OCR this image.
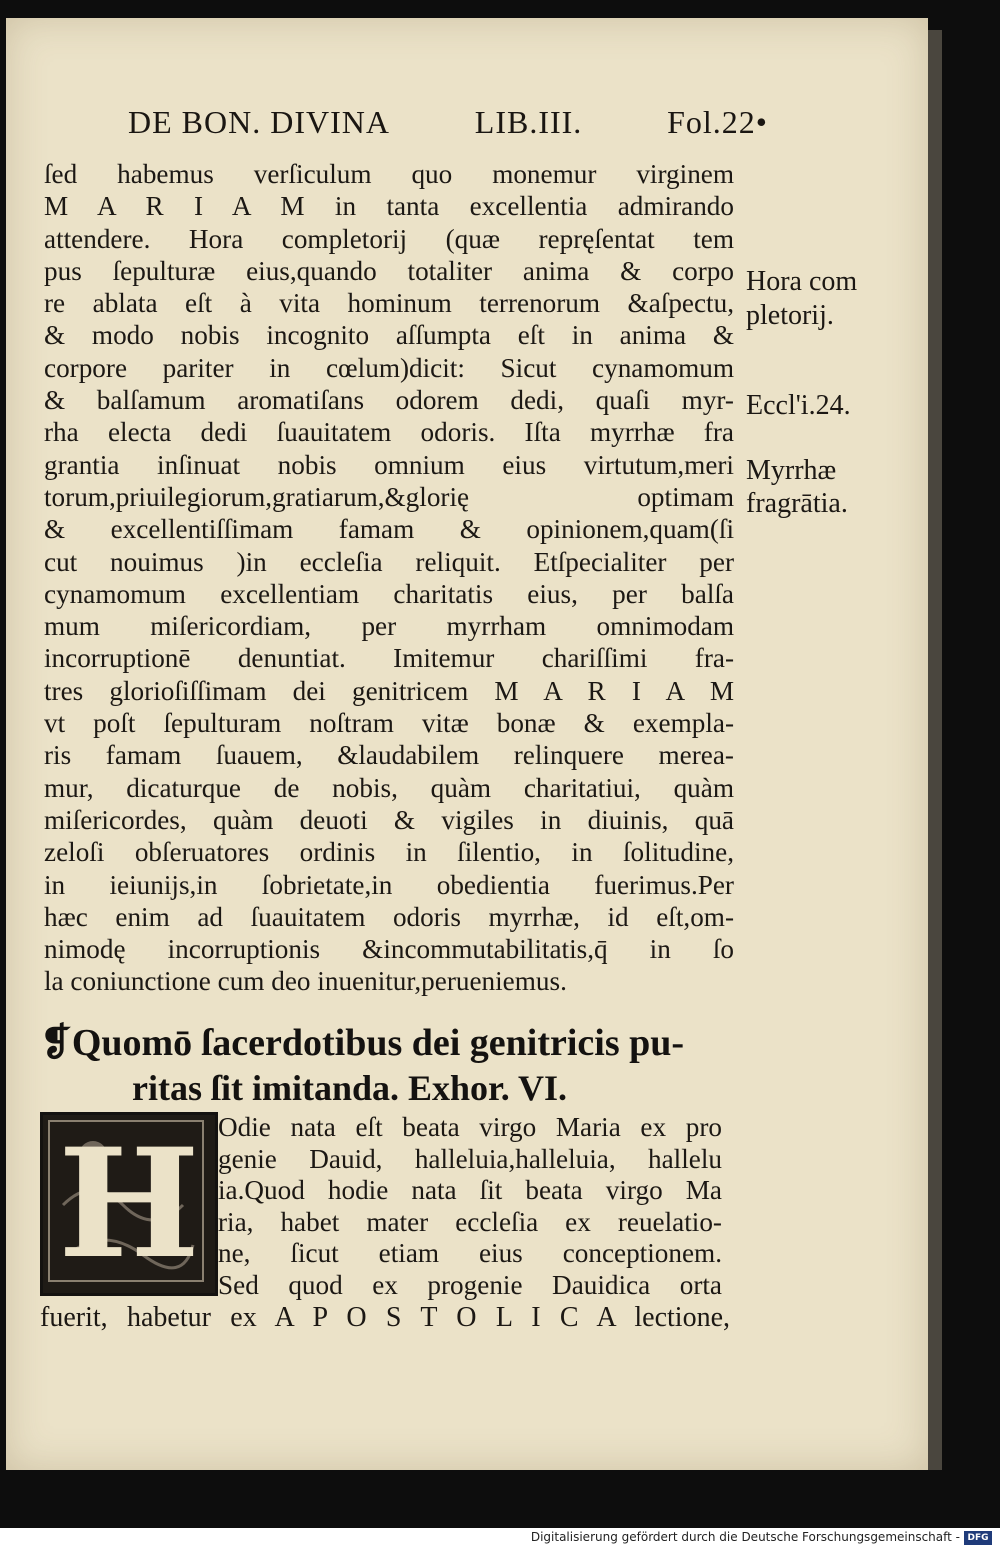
DE BON. DIVINA	LIB.III.	Fol.22•
ſed habemus verſiculum quo monemur virginem
M A R I A M in tanta excellentia admirando
attendere. Hora completorij (quæ repręſentat tem
pus ſepulturæ eius,quando totaliter anima & corpo
re ablata eſt à vita hominum terrenorum &aſpectu,
& modo nobis incognito aſſumpta eſt in anima &
corpore pariter in cœlum)dicit: Sicut cynamomum
& balſamum aromatiſans odorem dedi, quaſi myr-
rha electa dedi ſuauitatem odoris. Iſta myrrhæ fra
grantia inſinuat nobis omnium eius virtutum,meri
torum,priuilegiorum,gratiarum,&glorię optimam
& excellentiſſimam famam & opinionem,quam(ſi
cut nouimus )in eccleſia reliquit. Etſpecialiter per
cynamomum excellentiam charitatis eius, per balſa
mum miſericordiam, per myrrham omnimodam
incorruptionē denuntiat. Imitemur chariſſimi fra-
tres glorioſiſſimam dei genitricem M A R I A M
vt poſt ſepulturam noſtram vitæ bonæ & exempla-
ris famam ſuauem, &laudabilem relinquere merea-
mur, dicaturque de nobis, quàm charitatiui, quàm
miſericordes, quàm deuoti & vigiles in diuinis, quā
zeloſi obſeruatores ordinis in ſilentio, in ſolitudine,
in ieiunijs,in ſobrietate,in obedientia fuerimus.Per
hæc enim ad ſuauitatem odoris myrrhæ, id eſt,om-
nimodę incorruptionis &incommutabilitatis,q̄ in ſo
la coniunctione cum deo inuenitur,perueniemus.
Hora com
pletorij.
Eccl'i.24.
Myrrhæ
fragrātia.
❡Quomō ſacerdotibus dei genitricis pu-
ritas ſit imitanda. Exhor. VI.
H Odie nata eſt beata virgo Maria ex pro
genie Dauid, halleluia,halleluia, hallelu
ia.Quod hodie nata ſit beata virgo Ma
ria, habet mater eccleſia ex reuelatio-
ne, ſicut etiam eius conceptionem.
Sed quod ex progenie Dauidica orta
fuerit, habetur ex A P O S T O L I C A lectione,
Digitalisierung gefördert durch die Deutsche Forschungsgemeinschaft - DFG
